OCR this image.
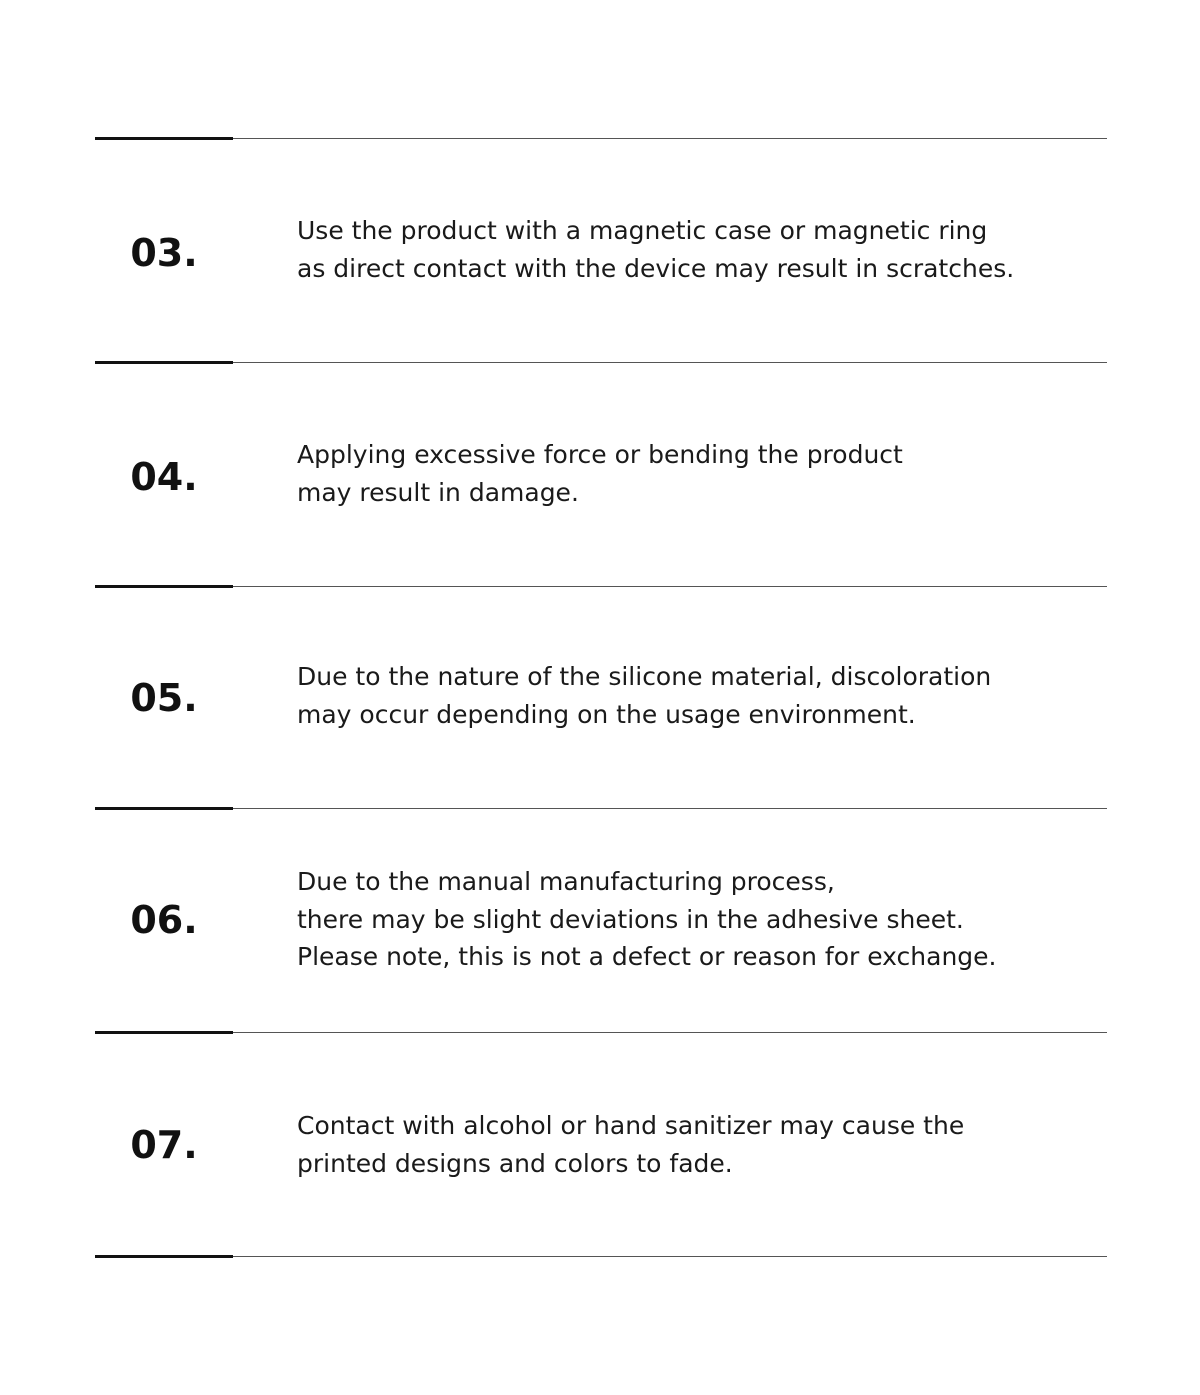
03.
Use the product with a magnetic case or magnetic ring
as direct contact with the device may result in scratches.
04.
Applying excessive force or bending the product
may result in damage.
05.	Due to the nature of the silicone material, discoloration
may occur depending on the usage environment.
06.
Due to the manual manufacturing process,
there may be slight deviations in the adhesive sheet.
Please note, this is not a defect or reason for exchange.
07.	Contact with alcohol or hand sanitizer may cause the
printed designs and colors to fade.
